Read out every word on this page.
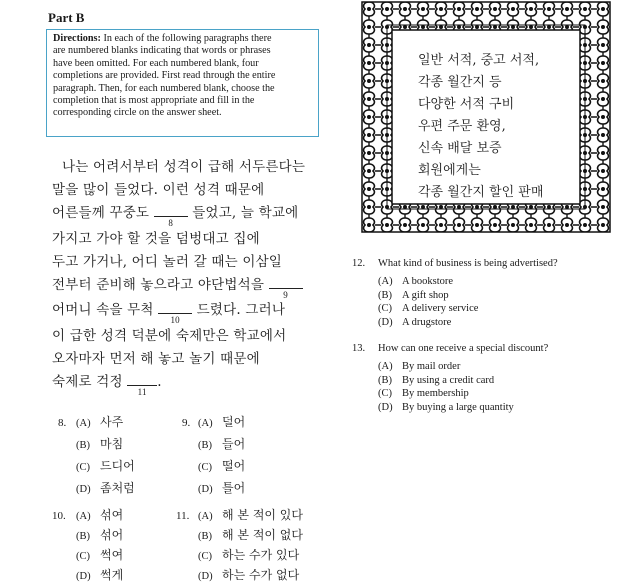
Part B
Directions: In each of the following paragraphs there
are numbered blanks indicating that words or phrases
have been omitted. For each numbered blank, four
completions are provided. First read through the entire
paragraph. Then, for each numbered blank, choose the
completion that is most appropriate and fill in the
corresponding circle on the answer sheet.
나는 어려서부터 성격이 급해 서두른다는
말을 많이 들었다. 이런 성격 때문에
어른들께 꾸중도
8
들었고, 늘 학교에
가지고 가야 할 것을 덤벙대고 집에
두고 가거나, 어디 놀러 갈 때는 이삼일
전부터 준비해 놓으라고 야단법석을
9
어머니 속을 무척
10
드렸다. 그러나
이 급한 성격 덕분에 숙제만은 학교에서
오자마자 먼저 해 놓고 놀기 때문에
숙제로 걱정
11
.
8. (A) 사주
(B) 마침
(C) 드디어
(D) 좀처럼
9. (A) 덜어
(B) 들어
(C) 떨어
(D) 틀어
10. (A) 섞여
(B) 섞어
(C) 썩여
(D) 썩게
11. (A) 해 본 적이 있다
(B) 해 본 적이 없다
(C) 하는 수가 있다
(D) 하는 수가 없다
일반 서적, 중고 서적,
각종 월간지 등
다양한 서적 구비
우편 주문 환영,
신속 배달 보증
회원에게는
각종 월간지 할인 판매
12. What kind of business is being advertised?
(A) A bookstore
(B) A gift shop
(C) A delivery service
(D) A drugstore
13. How can one receive a special discount?
(A) By mail order
(B) By using a credit card
(C) By membership
(D) By buying a large quantity
